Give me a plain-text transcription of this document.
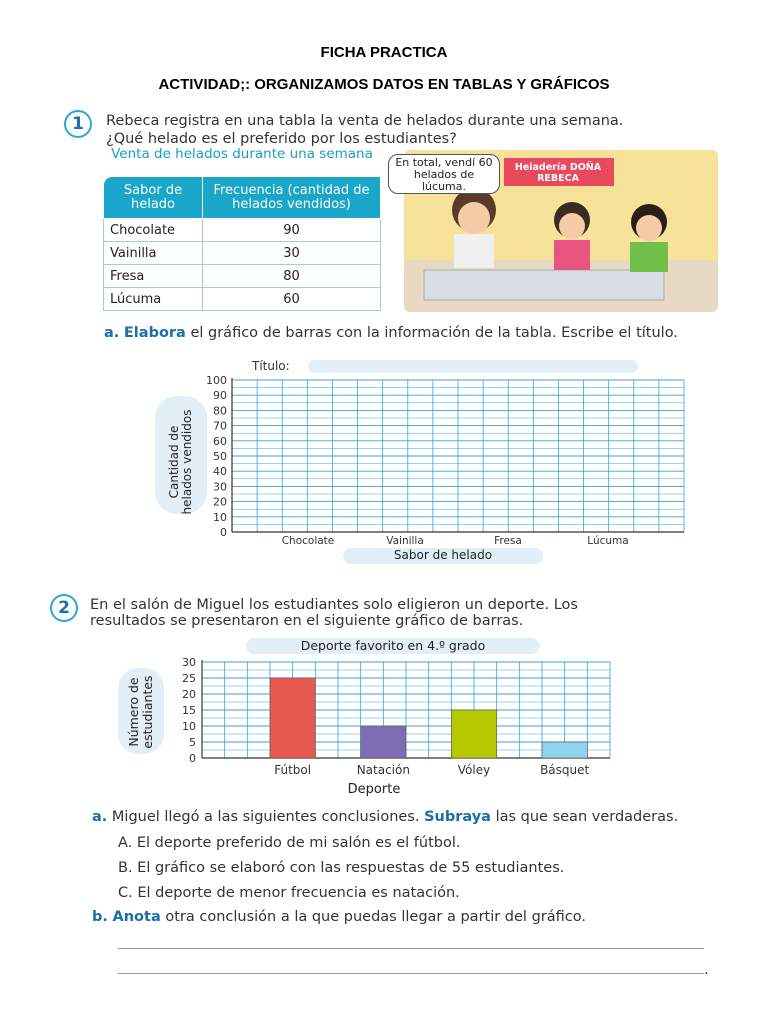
FICHA PRACTICA
ACTIVIDAD;: ORGANIZAMOS DATOS EN TABLAS Y GRÁFICOS
1	Rebeca registra en una tabla la venta de helados durante una semana.
¿Qué helado es el preferido por los estudiantes?
Venta de helados durante una semana
Sabor de helado	Frecuencia (cantidad de helados vendidos)
Chocolate	90
Vainilla	30
Fresa	80
Lúcuma	60
Heladería DOÑA REBECA
En total, vendí 60 helados de lúcuma.
a. Elabora el gráfico de barras con la información de la tabla. Escribe el título.
Título:
Cantidad de helados vendidos
Sabor de helado
0
10
20
30
40
50
60
70
80
90
100
Chocolate	Vainilla	Fresa	Lúcuma
2	En el salón de Miguel los estudiantes solo eligieron un deporte. Los
resultados se presentaron en el siguiente gráfico de barras.
Deporte favorito en 4.º grado
Número de estudiantes
Deporte
0
5
10
15
20
25
30
Fútbol	Natación	Vóley	Básquet
a. Miguel llegó a las siguientes conclusiones. Subraya las que sean verdaderas.
A. El deporte preferido de mi salón es el fútbol.
B. El gráfico se elaboró con las respuestas de 55 estudiantes.
C. El deporte de menor frecuencia es natación.
b. Anota otra conclusión a la que puedas llegar a partir del gráfico.
.
